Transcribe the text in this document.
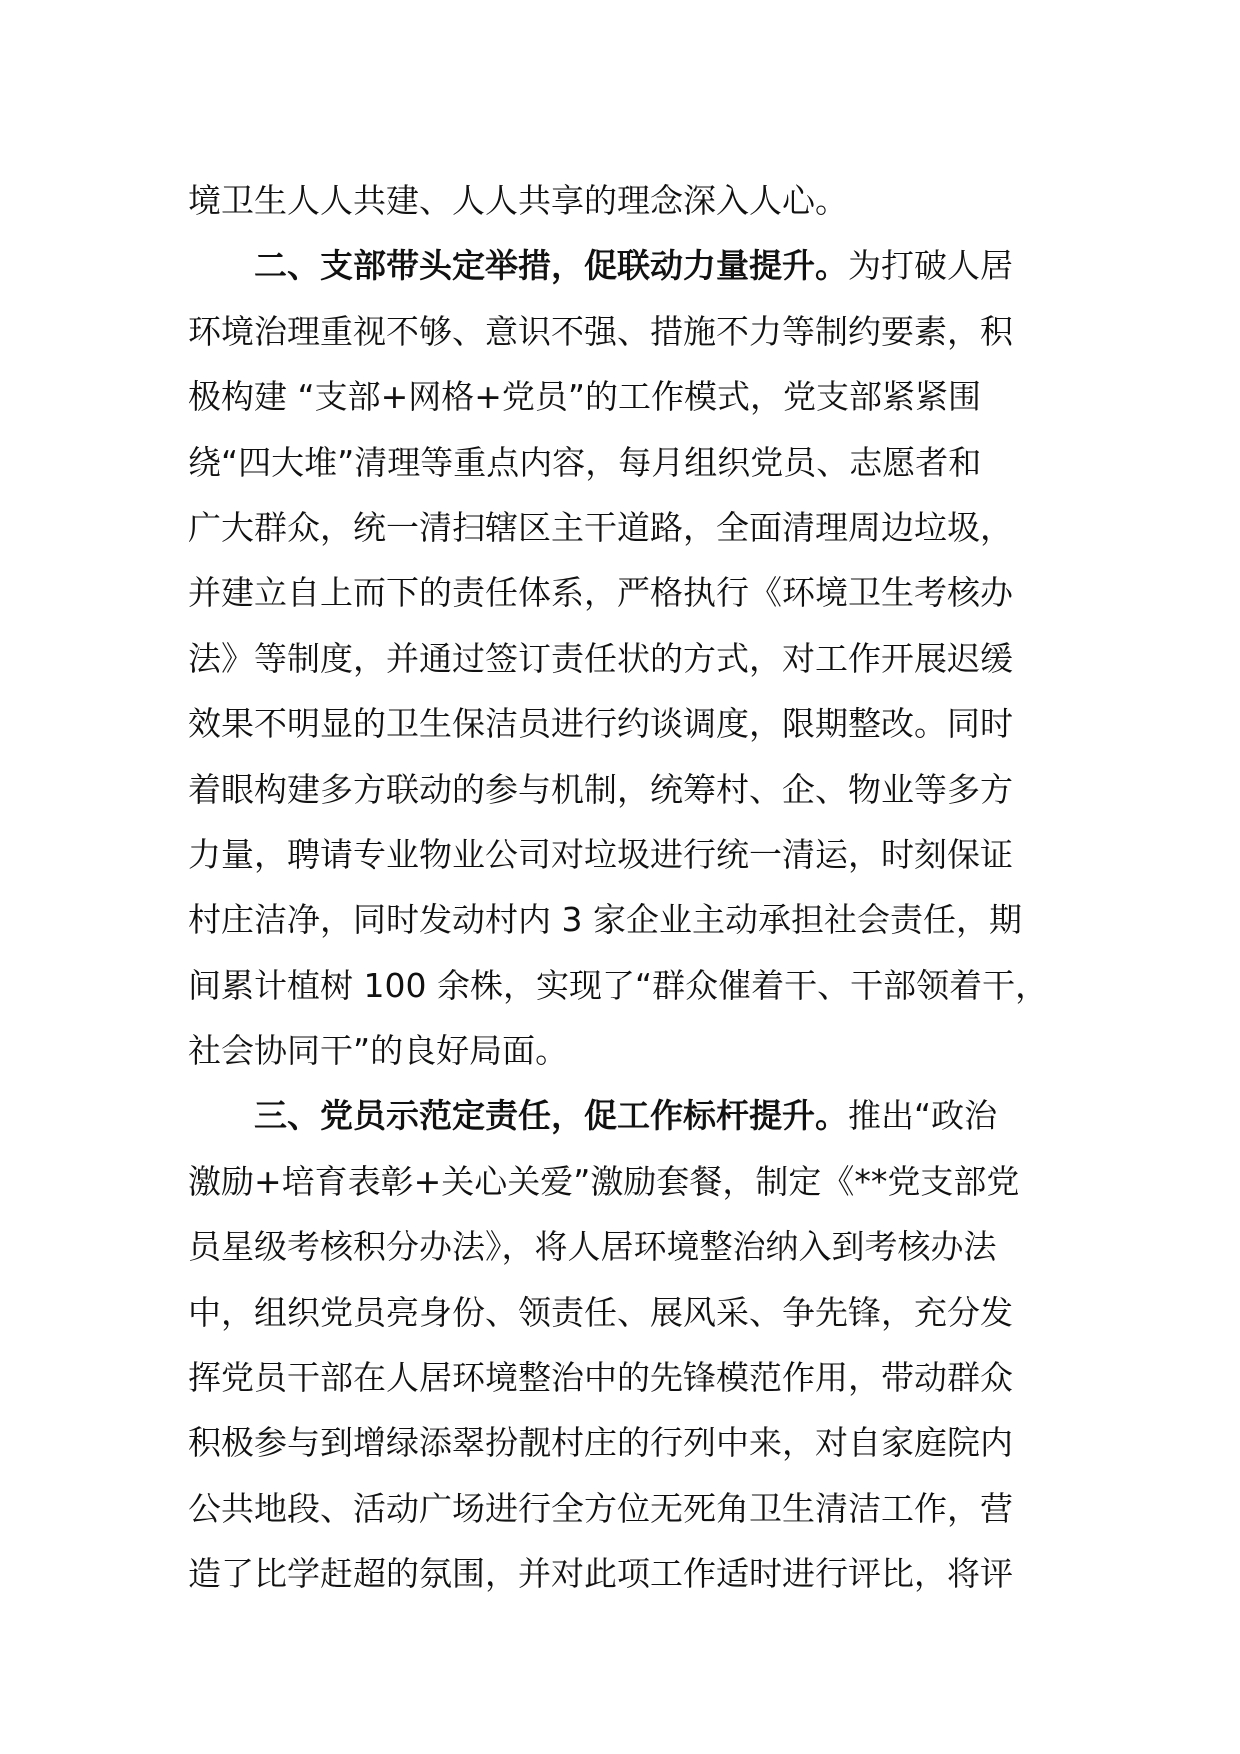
境卫生人人共建、人人共享的理念深入人心。
二、支部带头定举措，促联动力量提升。为打破人居
环境治理重视不够、意识不强、措施不力等制约要素，积
极构建 “支部+网格+党员”的工作模式，党支部紧紧围
绕“四大堆”清理等重点内容，每月组织党员、志愿者和
广大群众，统一清扫辖区主干道路，全面清理周边垃圾，
并建立自上而下的责任体系，严格执行《环境卫生考核办
法》等制度，并通过签订责任状的方式，对工作开展迟缓
效果不明显的卫生保洁员进行约谈调度，限期整改。同时
着眼构建多方联动的参与机制，统筹村、企、物业等多方
力量，聘请专业物业公司对垃圾进行统一清运，时刻保证
村庄洁净，同时发动村内 3 家企业主动承担社会责任，期
间累计植树 100 余株，实现了“群众催着干、干部领着干，
社会协同干”的良好局面。
三、党员示范定责任，促工作标杆提升。推出“政治
激励+培育表彰+关心关爱”激励套餐，制定《**党支部党
员星级考核积分办法》，将人居环境整治纳入到考核办法
中，组织党员亮身份、领责任、展风采、争先锋，充分发
挥党员干部在人居环境整治中的先锋模范作用，带动群众
积极参与到增绿添翠扮靓村庄的行列中来，对自家庭院内
公共地段、活动广场进行全方位无死角卫生清洁工作，营
造了比学赶超的氛围，并对此项工作适时进行评比，将评
